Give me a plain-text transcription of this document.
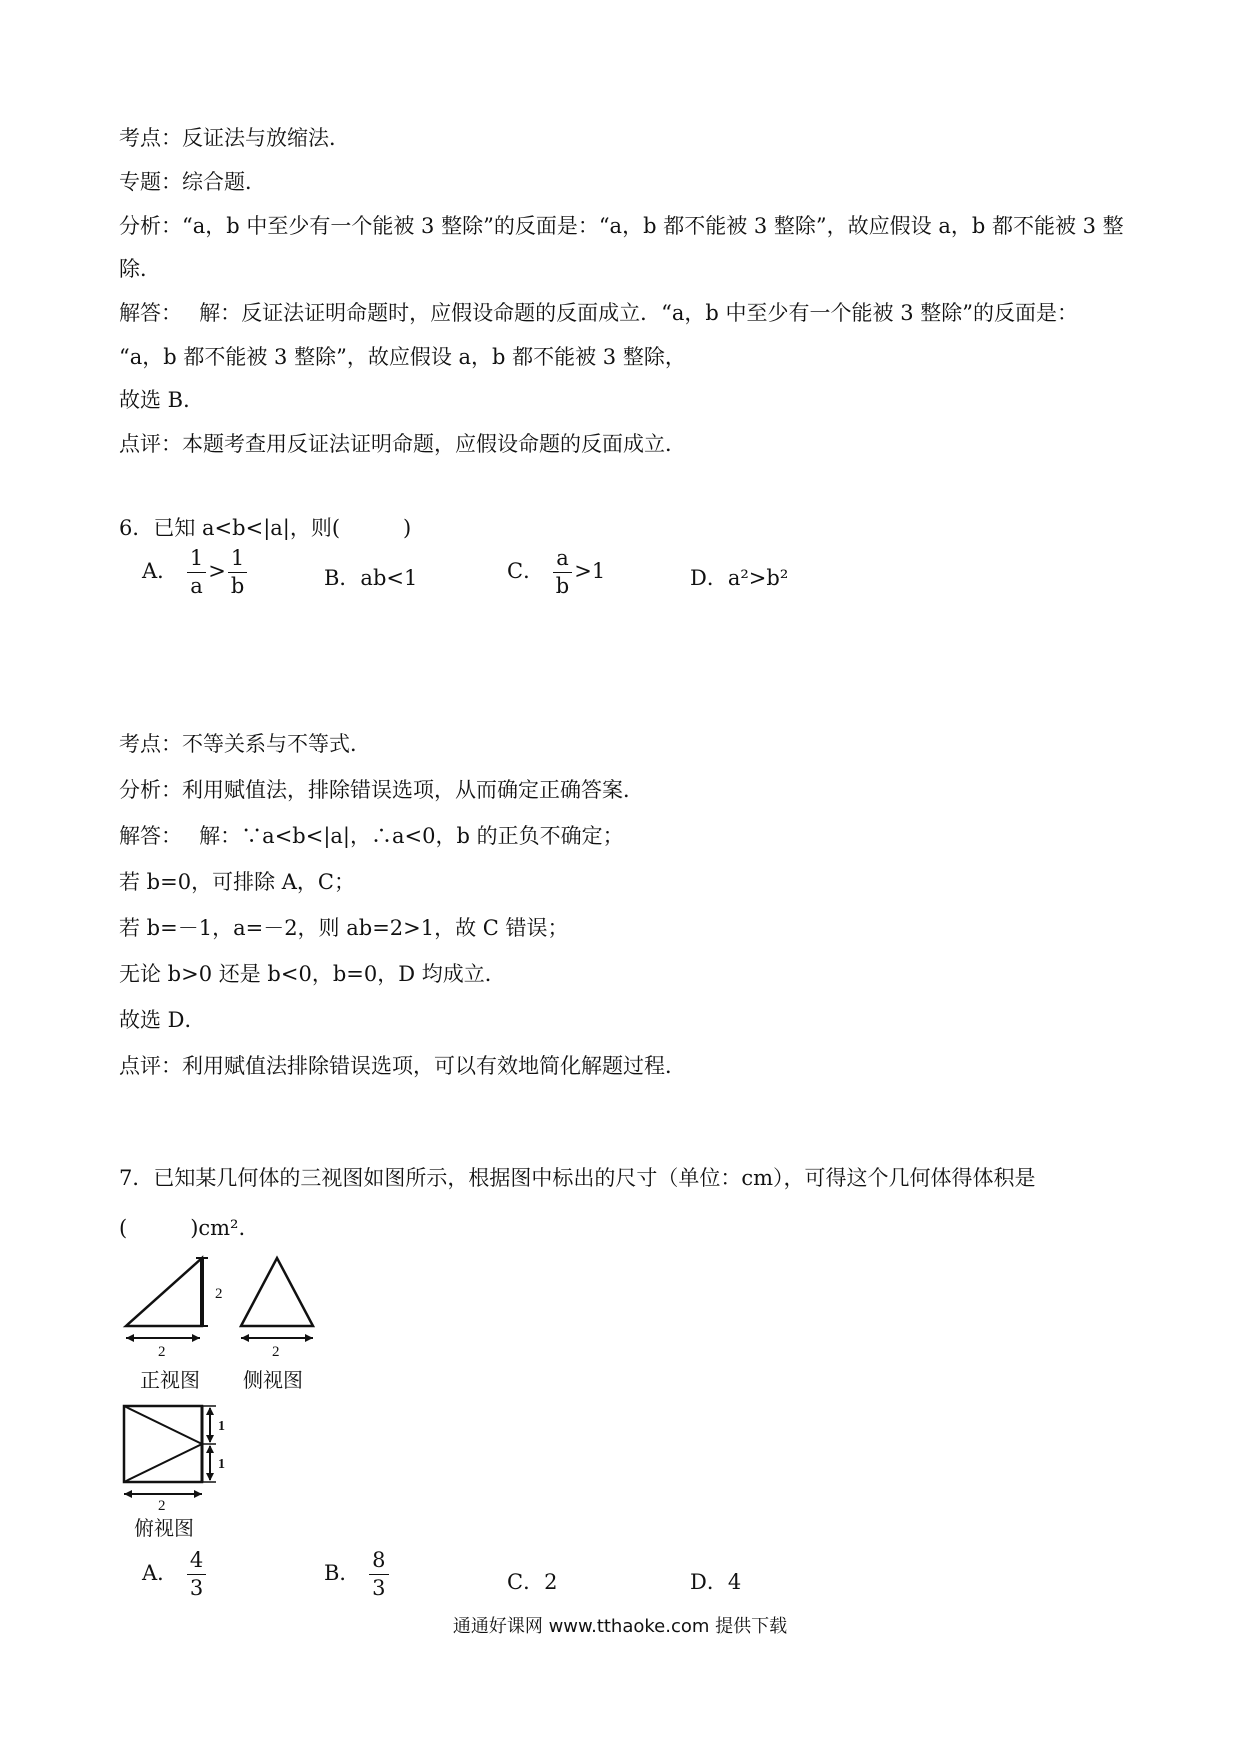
考点：反证法与放缩法．
专题：综合题．
分析：“a，b 中至少有一个能被 3 整除”的反面是：“a，b 都不能被 3 整除”，故应假设 a，b 都不能被 3 整
除．
解答：　 解：反证法证明命题时，应假设命题的反面成立．“a，b 中至少有一个能被 3 整除”的反面是：
“a，b 都不能被 3 整除”，故应假设 a，b 都不能被 3 整除，
故选 B．
点评：本题考查用反证法证明命题，应假设命题的反面成立．
6．已知 a<b<|a|，则(　　　)
A． $\frac{1}{a} > \frac{1}{b}$	B．ab<1	C． $\frac{a}{b} >1$	D．a²>b²
考点：不等关系与不等式．
分析：利用赋值法，排除错误选项，从而确定正确答案．
解答：　 解：∵a<b<|a|，∴a<0，b 的正负不确定；
若 b=0，可排除 A，C；
若 b=－1，a=－2，则 ab=2>1，故 C 错误；
无论 b>0 还是 b<0，b=0，D 均成立．
故选 D．
点评：利用赋值法排除错误选项，可以有效地简化解题过程．
7．已知某几何体的三视图如图所示，根据图中标出的尺寸（单位：cm），可得这个几何体得体积是
(　　　)cm².
2
2
正视图
2
侧视图
1
1
2
俯视图
A． $\frac{4}{3}$	B． $\frac{8}{3}$	C．2	D．4
通通好课网 www.tthaoke.com 提供下载
